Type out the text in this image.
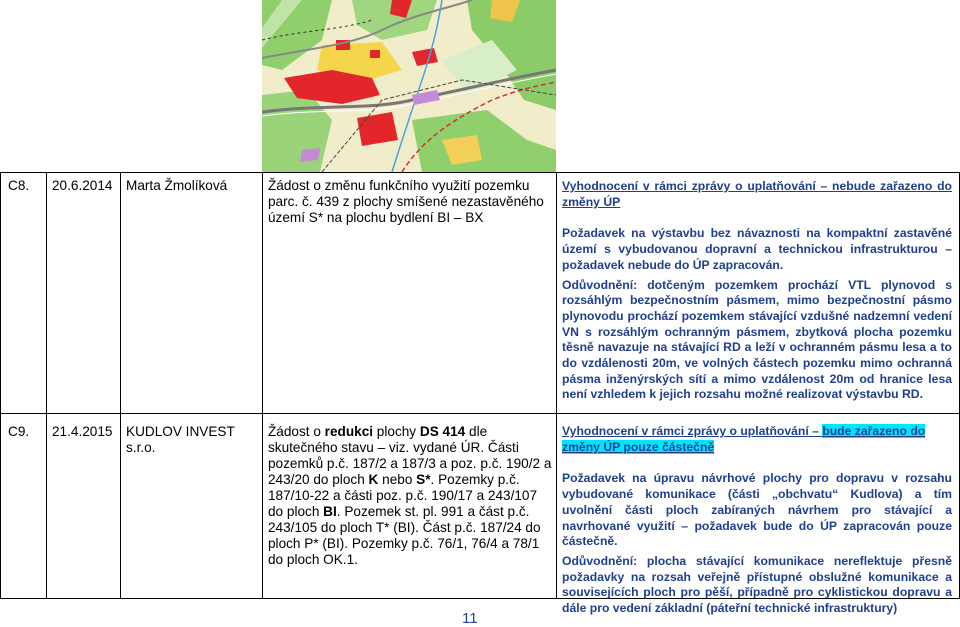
C8. 20.6.2014 Marta Žmolíková	Žádost o změnu funkčního využití pozemku parc. č. 439 z plochy smíšené nezastavěného území S* na plochu bydlení BI – BX

Vyhodnocení v rámci zprávy o uplatňování – nebude zařazeno do změny ÚP

Požadavek na výstavbu bez návaznosti na kompaktní zastavěné území s vybudovanou dopravní a technickou infrastrukturou – požadavek nebude do ÚP zapracován.

Odůvodnění: dotčeným pozemkem prochází VTL plynovod s rozsáhlým bezpečnostním pásmem, mimo bezpečnostní pásmo plynovodu prochází pozemkem stávající vzdušné nadzemní vedení VN s rozsáhlým ochranným pásmem, zbytková plocha pozemku těsně navazuje na stávající RD a leží v ochranném pásmu lesa a to do vzdálenosti 20m, ve volných částech pozemku mimo ochranná pásma inženýrských sítí a mimo vzdálenost 20m od hranice lesa není vzhledem k jejich rozsahu možné realizovat výstavbu RD.

C9. 21.4.2015 KUDLOV INVEST s.r.o.
Žádost o redukci plochy DS 414 dle skutečného stavu – viz. vydané ÚR. Části pozemků p.č. 187/2 a 187/3 a poz. p.č. 190/2 a 243/20 do ploch K nebo S*. Pozemky p.č. 187/10-22 a části poz. p.č. 190/17 a 243/107 do ploch BI. Pozemek st. pl. 991 a část p.č. 243/105 do ploch T* (BI). Část p.č. 187/24 do ploch P* (BI). Pozemky p.č. 76/1, 76/4 a 78/1 do ploch OK.1.

Vyhodnocení v rámci zprávy o uplatňování – bude zařazeno do
změny ÚP pouze částečně

Požadavek na úpravu návrhové plochy pro dopravu v rozsahu vybudované komunikace (části „obchvatu“ Kudlova) a tím uvolnění části ploch zabíraných návrhem pro stávající a navrhované využití – požadavek bude do ÚP zapracován pouze částečně.

Odůvodnění: plocha stávající komunikace nereflektuje přesně požadavky na rozsah veřejně přístupné obslužné komunikace a souvisejících ploch pro pěší, případně pro cyklistickou dopravu a dále pro vedení základní (páteřní technické infrastruktury)

11
